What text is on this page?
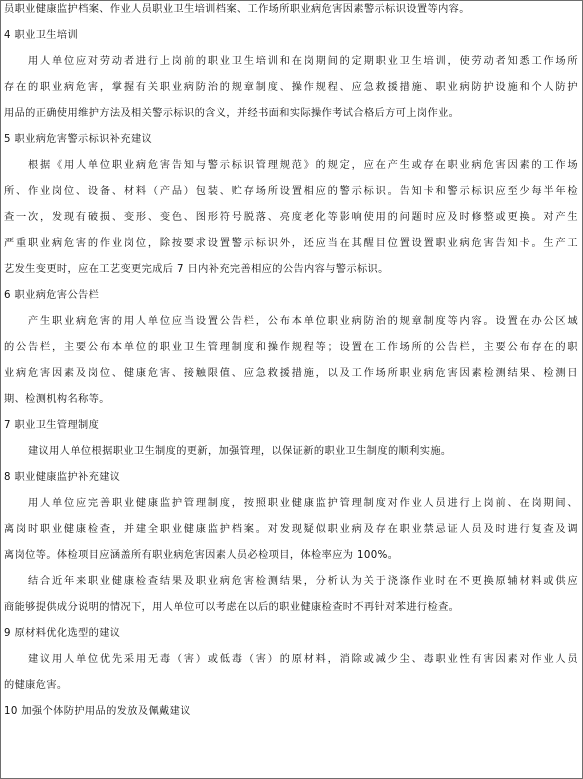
员职业健康监护档案、作业人员职业卫生培训档案、工作场所职业病危害因素警示标识设置等内容。
4 职业卫生培训
用人单位应对劳动者进行上岗前的职业卫生培训和在岗期间的定期职业卫生培训，使劳动者知悉工作场所
存在的职业病危害，掌握有关职业病防治的规章制度、操作规程、应急救援措施、职业病防护设施和个人防护
用品的正确使用维护方法及相关警示标识的含义，并经书面和实际操作考试合格后方可上岗作业。
5 职业病危害警示标识补充建议
根据《用人单位职业病危害告知与警示标识管理规范》的规定，应在产生或存在职业病危害因素的工作场
所、作业岗位、设备、材料（产品）包装、贮存场所设置相应的警示标识。告知卡和警示标识应至少每半年检
查一次，发现有破损、变形、变色、图形符号脱落、亮度老化等影响使用的问题时应及时修整或更换。对产生
严重职业病危害的作业岗位，除按要求设置警示标识外，还应当在其醒目位置设置职业病危害告知卡。生产工
艺发生变更时，应在工艺变更完成后 7 日内补充完善相应的公告内容与警示标识。
6 职业病危害公告栏
产生职业病危害的用人单位应当设置公告栏，公布本单位职业病防治的规章制度等内容。设置在办公区域
的公告栏，主要公布本单位的职业卫生管理制度和操作规程等；设置在工作场所的公告栏，主要公布存在的职
业病危害因素及岗位、健康危害、接触限值、应急救援措施，以及工作场所职业病危害因素检测结果、检测日
期、检测机构名称等。
7 职业卫生管理制度
建议用人单位根据职业卫生制度的更新，加强管理，以保证新的职业卫生制度的顺利实施。
8 职业健康监护补充建议
用人单位应完善职业健康监护管理制度，按照职业健康监护管理制度对作业人员进行上岗前、在岗期间、
离岗时职业健康检查，并建全职业健康监护档案。对发现疑似职业病及存在职业禁忌证人员及时进行复查及调
离岗位等。体检项目应涵盖所有职业病危害因素人员必检项目，体检率应为 100%。
结合近年来职业健康检查结果及职业病危害检测结果，分析认为关于浇涤作业时在不更换原辅材料或供应
商能够提供成分说明的情况下，用人单位可以考虑在以后的职业健康检查时不再针对苯进行检查。
9 原材料优化选型的建议
建议用人单位优先采用无毒（害）或低毒（害）的原材料，消除或减少尘、毒职业性有害因素对作业人员
的健康危害。
10 加强个体防护用品的发放及佩戴建议
